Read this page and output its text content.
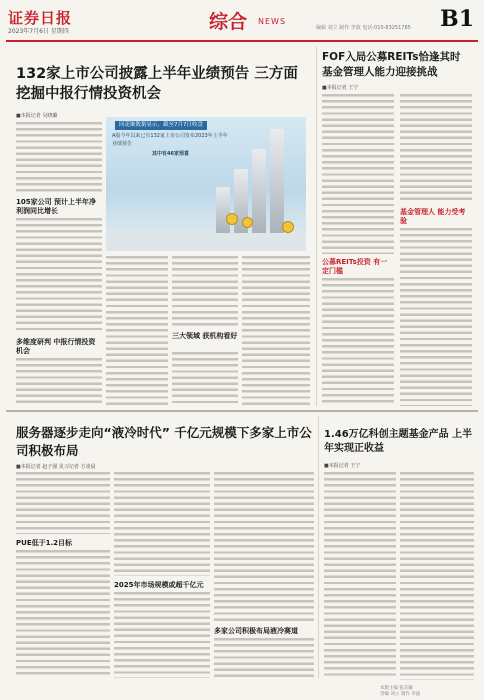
证券日报
2023年7月6日 星期四	综合 NEWS
编辑 刘立 制作 李波 电话:010-83251785 B1
132家上市公司披露上半年业绩预告 三方面挖掘中报行情投资机会
■本报记者 吴晓璐
105家公司 预计上半年净利润同比增长
多维度研判 中报行情投资机会
同花顺数据显示，截至7月7日收盘
A股今年以来已有132家上市公司发布2023年上半年业绩预告
其中有46家预喜
三大领域 获机构看好
FOF入局公募REITs恰逢其时 基金管理人能力迎接挑战
■本报记者 王宁
公募REITs投资 有一定门槛
基金管理人 能力受考验
服务器逐步走向“液冷时代” 千亿元规模下多家上市公司积极布局
■本报记者 赵子强 见习记者 方凌晨
PUE低于1.2目标
2025年市场规模或超千亿元
多家公司积极布局液冷赛道
1.46万亿科创主题基金产品 上半年实现正收益
■本报记者 王宁
本版主编 张芯颖
责编 刘立 制作 李波
